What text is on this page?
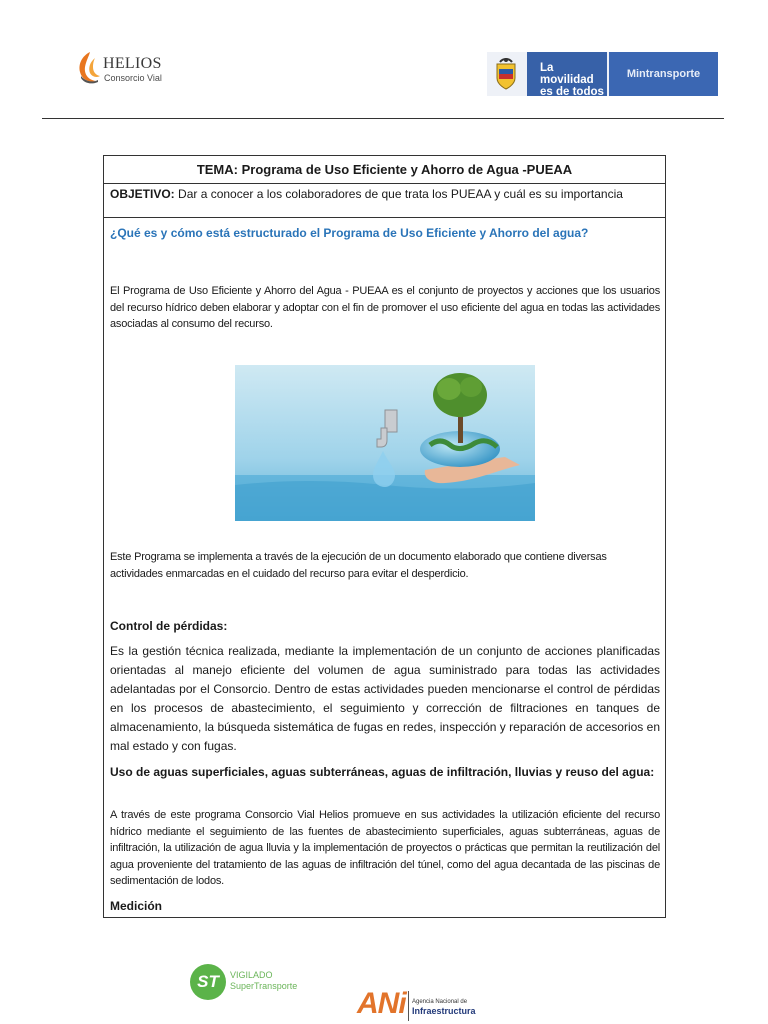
HELIOS
Consorcio Vial
La movilidad
es de todos
Mintransporte
TEMA: Programa de Uso Eficiente y Ahorro de Agua -PUEAA
OBJETIVO: Dar a conocer a los colaboradores de que trata los PUEAA y cuál es su importancia
¿Qué es y cómo está estructurado el Programa de Uso Eficiente y Ahorro del agua?
El Programa de Uso Eficiente y Ahorro del Agua - PUEAA es el conjunto de proyectos y acciones que los usuarios del recurso hídrico deben elaborar y adoptar con el fin de promover el uso eficiente del agua en todas las actividades asociadas al consumo del recurso.
Este Programa se implementa a través de la ejecución de un documento elaborado que contiene diversas actividades enmarcadas en el cuidado del recurso para evitar el desperdicio.
Control de pérdidas:
Es la gestión técnica realizada, mediante la implementación de un conjunto de acciones planificadas orientadas al manejo eficiente del volumen de agua suministrado para todas las actividades adelantadas por el Consorcio. Dentro de estas actividades pueden mencionarse el control de pérdidas en los procesos de abastecimiento, el seguimiento y corrección de filtraciones en tanques de almacenamiento, la búsqueda sistemática de fugas en redes, inspección y reparación de accesorios en mal estado y con fugas.
Uso de aguas superficiales, aguas subterráneas, aguas de infiltración, lluvias y reuso del agua:
A través de este programa Consorcio Vial Helios promueve en sus actividades la utilización eficiente del recurso hídrico mediante el seguimiento de las fuentes de abastecimiento superficiales, aguas subterráneas, aguas de infiltración, la utilización de agua lluvia y la implementación de proyectos o prácticas que permitan la reutilización del agua proveniente del tratamiento de las aguas de infiltración del túnel, como del agua decantada de las piscinas de sedimentación de lodos.
Medición
ST	VIGILADO
SuperTransporte
ANi Agencia Nacional de
Infraestructura
